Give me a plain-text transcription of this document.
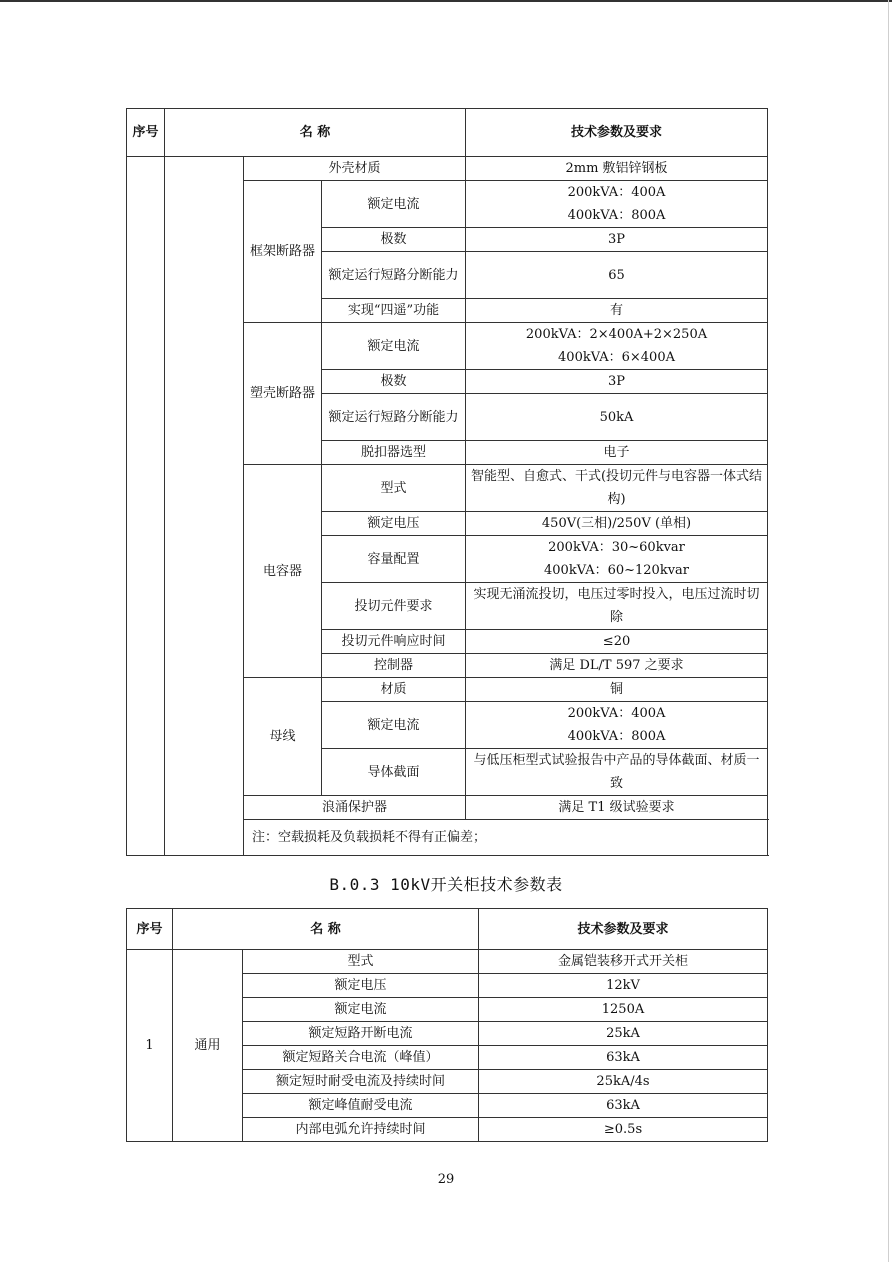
序号	名 称			技术参数及要求
		外壳材质		2mm 敷铝锌钢板
		框架断路器	额定电流	200kVA：400A
400kVA：800A
			极数	3P
			额定运行短路分断能力	65
			实现“四遥”功能	有
		塑壳断路器	额定电流	200kVA：2×400A+2×250A
400kVA：6×400A
			极数	3P
			额定运行短路分断能力	50kA
			脱扣器选型	电子
		电容器	型式	智能型、自愈式、干式(投切元件与电容器一体式结构)
			额定电压	450V(三相)/250V (单相)
			容量配置	200kVA：30~60kvar
400kVA：60~120kvar
			投切元件要求	实现无涌流投切，电压过零时投入，电压过流时切除
			投切元件响应时间	≤20
			控制器	满足 DL/T 597 之要求
		母线	材质	铜
			额定电流	200kVA：400A
400kVA：800A
			导体截面	与低压柜型式试验报告中产品的导体截面、材质一致
		浪涌保护器		满足 T1 级试验要求
		注：空载损耗及负载损耗不得有正偏差；		
B.0.3 10kV开关柜技术参数表
序号	名 称		技术参数及要求
1	通用	型式	金属铠装移开式开关柜
		额定电压	12kV
		额定电流	1250A
		额定短路开断电流	25kA
		额定短路关合电流（峰值）	63kA
		额定短时耐受电流及持续时间	25kA/4s
		额定峰值耐受电流	63kA
		内部电弧允许持续时间	≥0.5s
29
